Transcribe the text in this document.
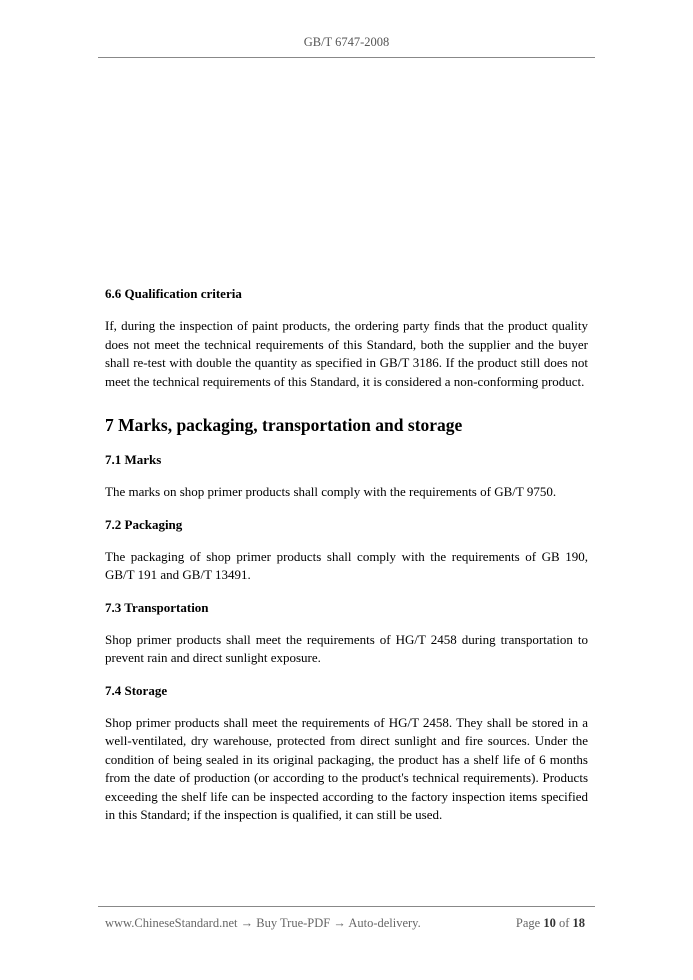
GB/T 6747-2008
6.6 Qualification criteria
If, during the inspection of paint products, the ordering party finds that the product quality does not meet the technical requirements of this Standard, both the supplier and the buyer shall re-test with double the quantity as specified in GB/T 3186. If the product still does not meet the technical requirements of this Standard, it is considered a non-conforming product.
7 Marks, packaging, transportation and storage
7.1 Marks
The marks on shop primer products shall comply with the requirements of GB/T 9750.
7.2 Packaging
The packaging of shop primer products shall comply with the requirements of GB 190, GB/T 191 and GB/T 13491.
7.3 Transportation
Shop primer products shall meet the requirements of HG/T 2458 during transportation to prevent rain and direct sunlight exposure.
7.4 Storage
Shop primer products shall meet the requirements of HG/T 2458. They shall be stored in a well-ventilated, dry warehouse, protected from direct sunlight and fire sources. Under the condition of being sealed in its original packaging, the product has a shelf life of 6 months from the date of production (or according to the product's technical requirements). Products exceeding the shelf life can be inspected according to the factory inspection items specified in this Standard; if the inspection is qualified, it can still be used.
www.ChineseStandard.net → Buy True-PDF → Auto-delivery.	Page 10 of 18
